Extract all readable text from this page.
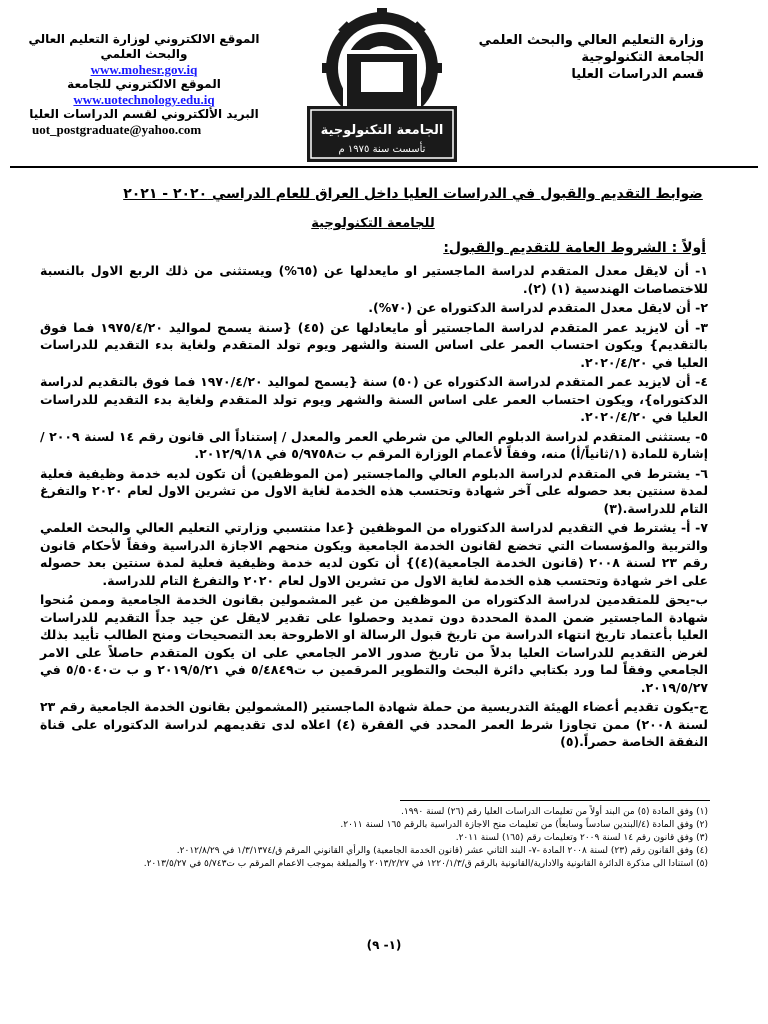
وزارة التعليم العالي والبحث العلمي
الجامعة التكنولوجية
قسم الدراسات العليا
الجامعة التكنولوجية
تأسست سنة ١٩٧٥ م
الموقع الالكتروني لوزارة التعليم العالي والبحث العلمي
www.mohesr.gov.iq
الموقع الالكتروني للجامعة
www.uotechnology.edu.iq
البريد الألكتروني لقسم الدراسات العليا
uot_postgraduate@yahoo.com
ضوابط التقديم والقبول في الدراسات العليا داخل العراق للعام الدراسي ٢٠٢٠ - ٢٠٢١
للجامعة التكنولوجية
أولاً : الشروط العامة للتقديم والقبول:

١- أن لايقل معدل المتقدم لدراسة الماجستير او مايعدلها عن (٦٥%) ويستثنى من ذلك الربع الاول بالنسبة للاختصاصات الهندسية (١) (٢).

٢- أن لايقل معدل المتقدم لدراسة الدكتوراه عن (٧٠%).

٣- أن لايزيد عمر المتقدم لدراسة الماجستير أو مايعادلها عن (٤٥) {سنة يسمح لمواليد ١٩٧٥/٤/٢٠ فما فوق بالتقديم} ويكون احتساب العمر على اساس السنة والشهر ويوم تولد المتقدم ولغاية بدء التقديم للدراسات العليا في ٢٠٢٠/٤/٢٠.

٤- أن لايزيد عمر المتقدم لدراسة الدكتوراه عن (٥٠) سنة {يسمح لمواليد ١٩٧٠/٤/٢٠ فما فوق بالتقديم لدراسة الدكتوراه}، ويكون احتساب العمر على اساس السنة والشهر ويوم تولد المتقدم ولغاية بدء التقديم للدراسات العليا في ٢٠٢٠/٤/٢٠.

٥- يستثنى المتقدم لدراسة الدبلوم العالي من شرطي العمر والمعدل / إستناداً الى قانون رقم ١٤ لسنة ٢٠٠٩ / إشارة للمادة (١/ثانياً/أ) منه، وفقاً لأعمام الوزارة المرقم ب ت٥/٩٧٥٨ في ٢٠١٢/٩/١٨.

٦- يشترط في المتقدم لدراسة الدبلوم العالي والماجستير (من الموظفين) أن تكون لديه خدمة وظيفية فعلية لمدة سنتين بعد حصوله على آخر شهادة وتحتسب هذه الخدمة لغاية الاول من تشرين الاول لعام ٢٠٢٠ والتفرغ التام للدراسة.(٣)

٧- أ- يشترط في التقديم لدراسة الدكتوراه من الموظفين {عدا منتسبي وزارتي التعليم العالي والبحث العلمي والتربية والمؤسسات التي تخضع لقانون الخدمة الجامعية ويكون منحهم الاجازة الدراسية وفقاً لأحكام قانون رقم ٢٣ لسنة ٢٠٠٨ (قانون الخدمة الجامعية)(٤)} أن تكون لديه خدمة وظيفية فعلية لمدة سنتين بعد حصوله على اخر شهادة وتحتسب هذه الخدمة لغاية الاول من تشرين الاول لعام ٢٠٢٠ والتفرغ التام للدراسة.

ب-يحق للمتقدمين لدراسة الدكتوراه من الموظفين من غير المشمولين بقانون الخدمة الجامعية وممن مُنحوا شهادة الماجستير ضمن المدة المحددة دون تمديد وحصلوا على تقدير لايقل عن جيد جداً التقديم للدراسات العليا بأعتماد تاريخ انتهاء الدراسة من تاريخ قبول الرسالة او الاطروحة بعد التصحيحات ومنح الطالب تأييد بذلك لغرض التقديم للدراسات العليا بدلاً من تاريخ صدور الامر الجامعي على ان يكون المتقدم حاصلاً على الامر الجامعي وفقاً لما ورد بكتابي دائرة البحث والتطوير المرقمين ب ت٥/٤٨٤٩ في ٢٠١٩/٥/٢١ و ب ت٥/٥٠٤٠ في ٢٠١٩/٥/٢٧.

ج-يكون تقديم أعضاء الهيئة التدريسية من حملة شهادة الماجستير (المشمولين بقانون الخدمة الجامعية رقم ٢٣ لسنة ٢٠٠٨) ممن تجاوزا شرط العمر المحدد في الفقرة (٤) اعلاه لدى تقديمهم لدراسة الدكتوراه على قناة النفقة الخاصة حصراً.(٥)

(١) وفق المادة (٥) من البند أولاً من تعليمات الدراسات العليا رقم (٢٦) لسنة ١٩٩٠.
(٢) وفق المادة (٤/البندين سادساً وسابعاً) من تعليمات منح الاجازة الدراسية بالرقم ١٦٥ لسنة ٢٠١١.
(٣) وفق قانون رقم ١٤ لسنة ٢٠٠٩ وتعليمات رقم (١٦٥) لسنة ٢٠١١.
(٤) وفق القانون رقم (٢٣) لسنة ٢٠٠٨ المادة -٧- البند الثاني عشر (قانون الخدمة الجامعية) والرأي القانوني المرقم ق/١/٣/١٣٧٤ في ٢٠١٢/٨/٢٩.
(٥) استنادا الى مذكرة الدائرة القانونية والادارية/القانونية بالرقم ق/١٢٢٠/١/٣ في ٢٠١٣/٢/٢٧ والمبلغة بموجب الاعمام المرقم ب ت٥/٧٤٣ في ٢٠١٣/٥/٢٧.
(١- ٩)
